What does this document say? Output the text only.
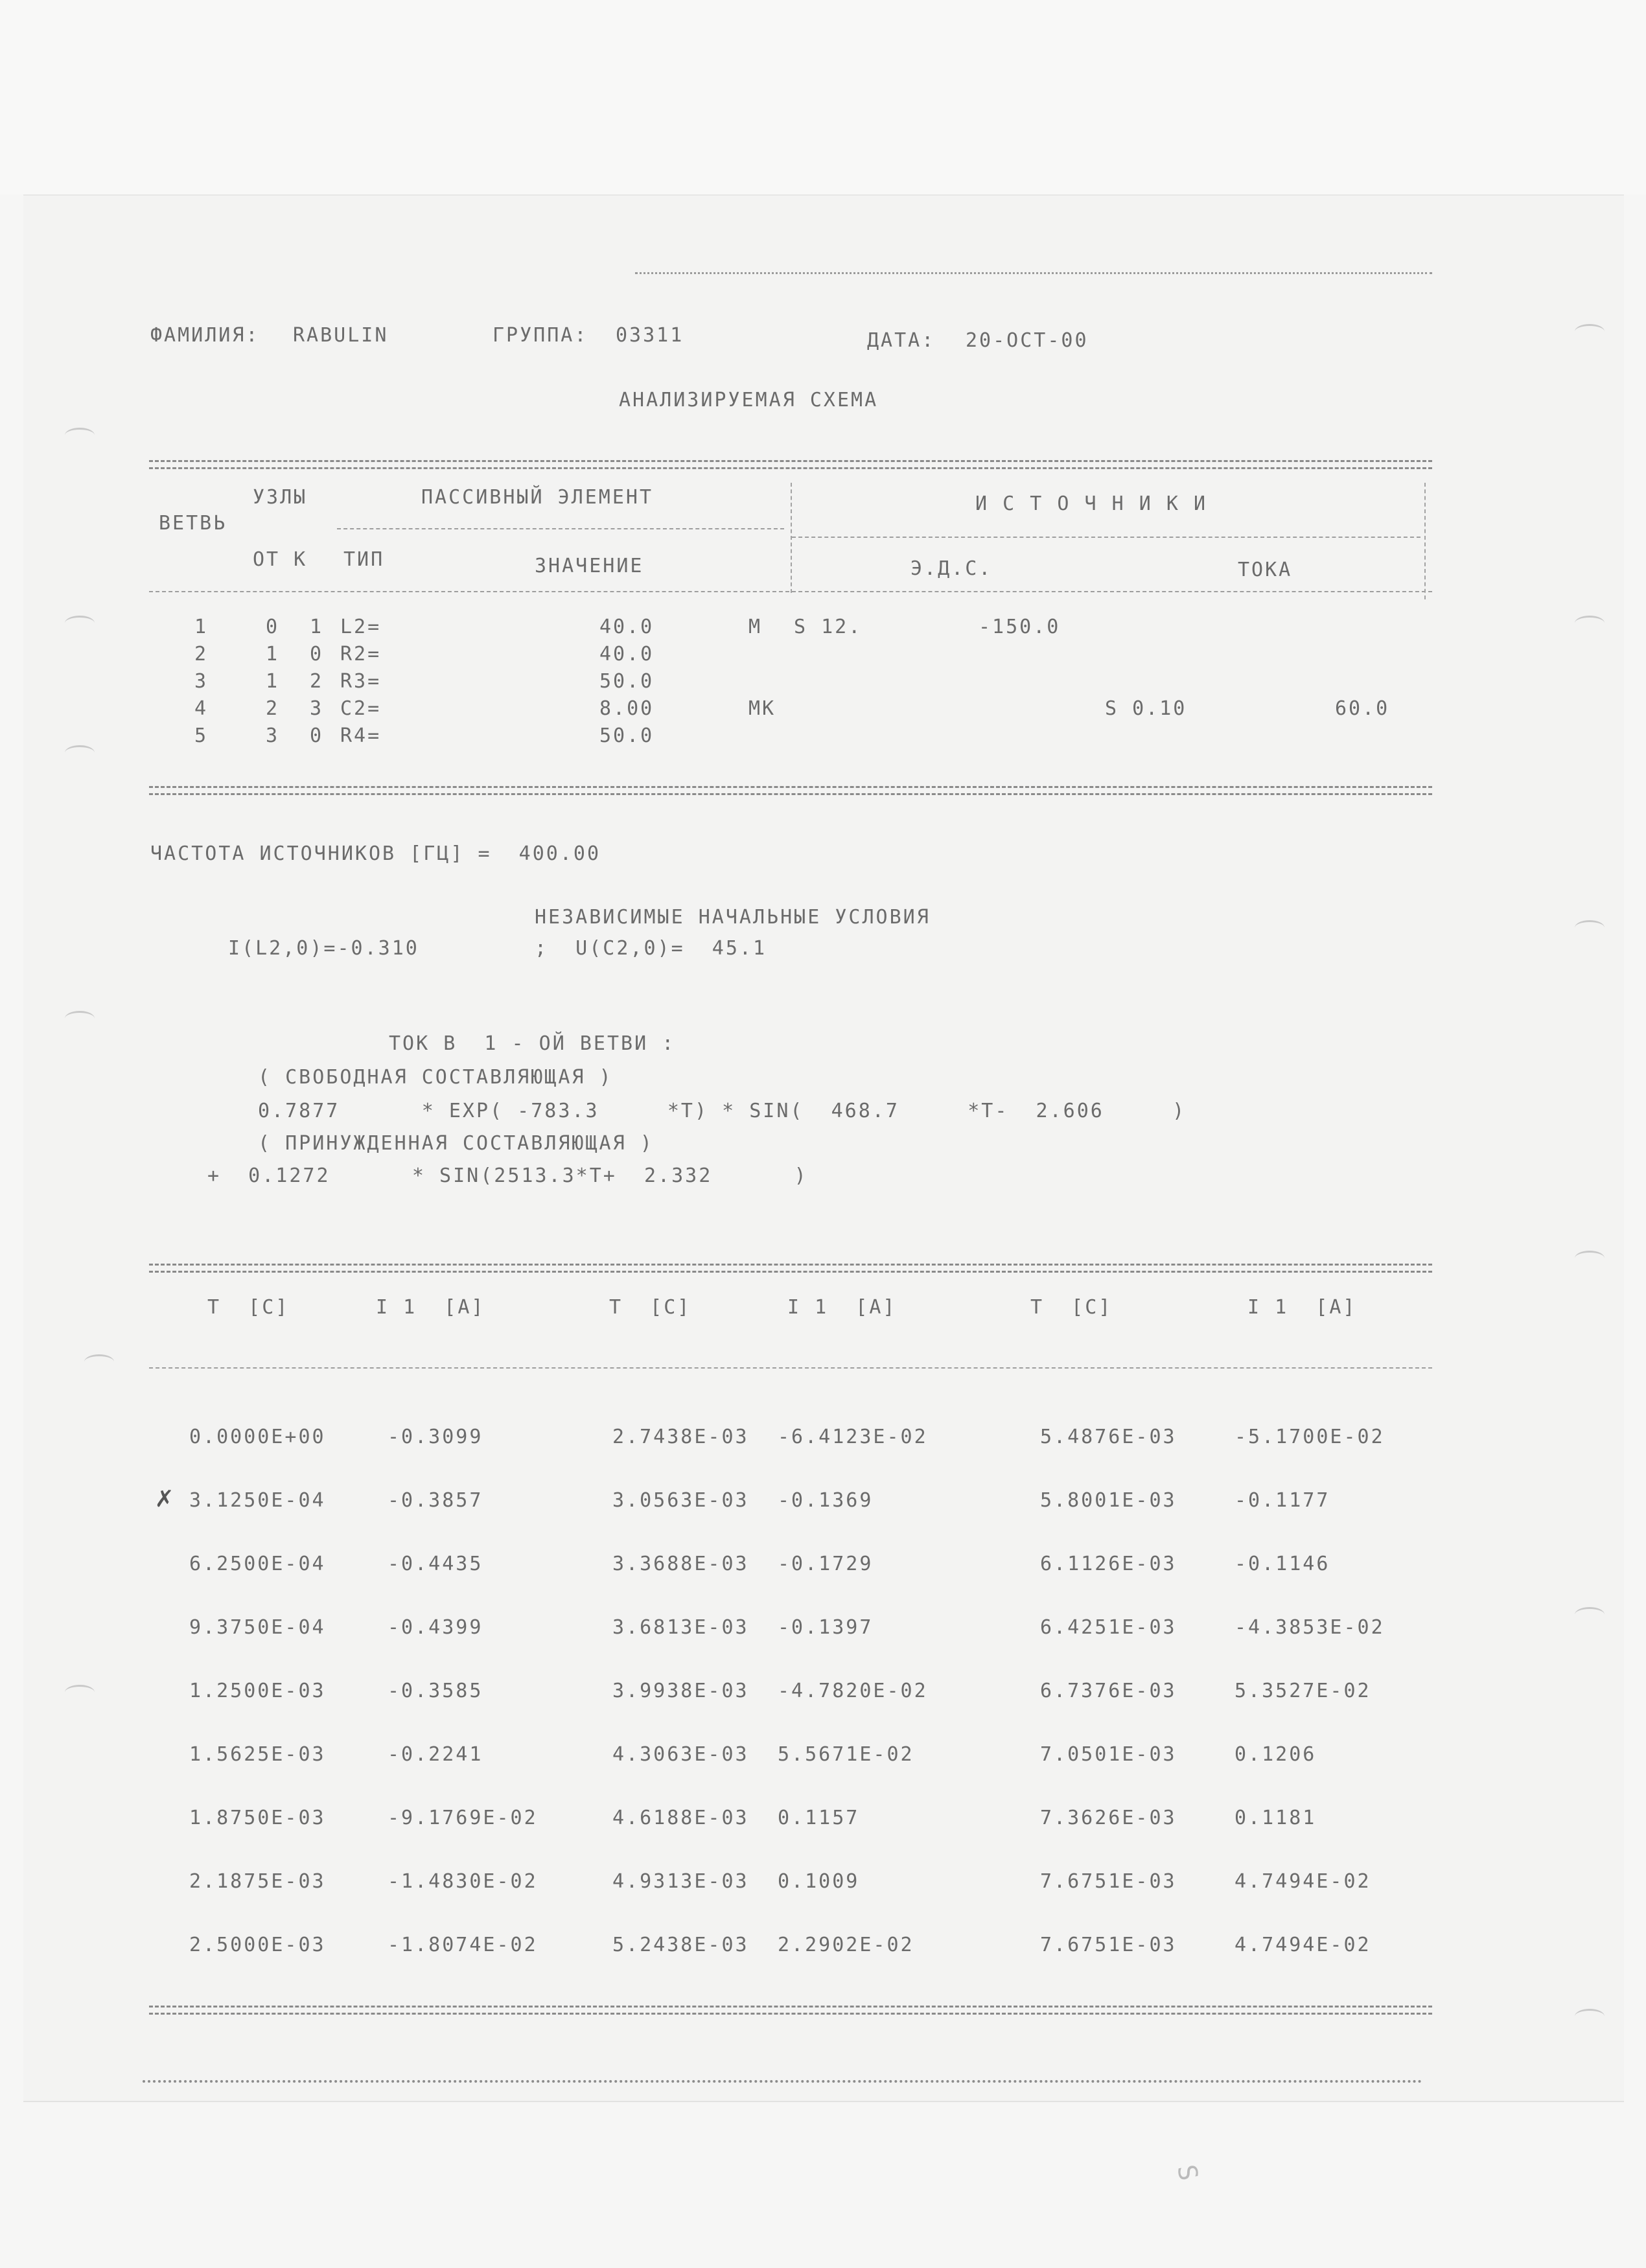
ФАМИЛИЯ: RABULIN	ГРУППА: 03311	ДАТА: 20-OCT-00
АНАЛИЗИРУЕМАЯ СХЕМА
УЗЛЫ	ПАССИВНЫЙ ЭЛЕМЕНТ	И С Т О Ч Н И К И
ВЕТВЬ
ОТ К ТИП	ЗНАЧЕНИЕ	Э.Д.С.	ТОКА
1	0 1 L2=	40.0	М S 12.	-150.0
2	1 0 R2=	40.0
3	1 2 R3=	50.0
4	2 3 C2=	8.00	МК	S 0.10	60.0
5	3 0 R4=	50.0
ЧАСТОТА ИСТОЧНИКОВ [ГЦ] =  400.00
НЕЗАВИСИМЫЕ НАЧАЛЬНЫЕ УСЛОВИЯ
I(L2,0)=-0.310	;  U(C2,0)=  45.1
ТОК В  1 - ОЙ ВЕТВИ :
( СВОБОДНАЯ СОСТАВЛЯЮЩАЯ )
0.7877      * EXP( -783.3     *T) * SIN(  468.7     *T-  2.606     )
( ПРИНУЖДЕННАЯ СОСТАВЛЯЮЩАЯ )
+  0.1272      * SIN(2513.3*T+  2.332      )
T  [С]	I 1  [А]	T  [С]	I 1  [А]	T  [С]	I 1  [А]
0.0000E+00	-0.3099	2.7438E-03 -6.4123E-02	5.4876E-03	-5.1700E-02
3.1250E-04	-0.3857	3.0563E-03 -0.1369	5.8001E-03	-0.1177
6.2500E-04	-0.4435	3.3688E-03 -0.1729	6.1126E-03	-0.1146
9.3750E-04	-0.4399	3.6813E-03 -0.1397	6.4251E-03	-4.3853E-02
1.2500E-03	-0.3585	3.9938E-03 -4.7820E-02	6.7376E-03	5.3527E-02
1.5625E-03	-0.2241	4.3063E-03 5.5671E-02	7.0501E-03	0.1206
1.8750E-03	-9.1769E-02	4.6188E-03 0.1157	7.3626E-03	0.1181
2.1875E-03	-1.4830E-02	4.9313E-03 0.1009	7.6751E-03	4.7494E-02
2.5000E-03	-1.8074E-02	5.2438E-03 2.2902E-02	7.6751E-03	4.7494E-02
✗
S
